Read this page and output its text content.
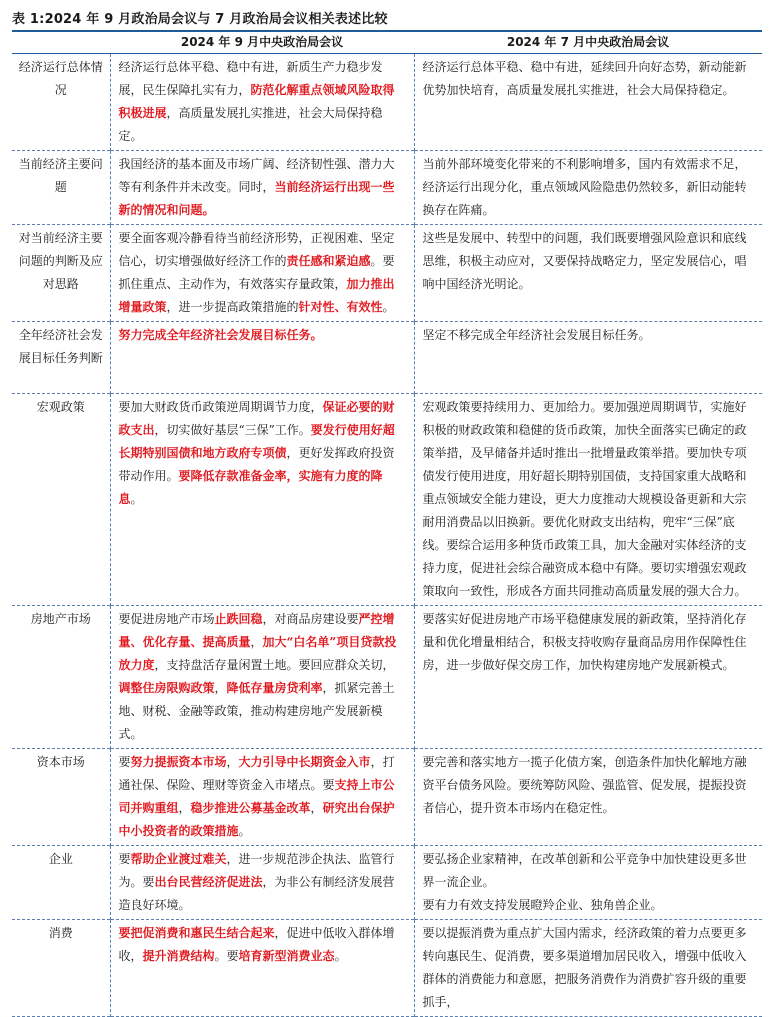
表 1:2024 年 9 月政治局会议与 7 月政治局会议相关表述比较
	2024 年 9 月中央政治局会议	2024 年 7 月中央政治局会议
经济运行总体情况	经济运行总体平稳、稳中有进，新质生产力稳步发展，民生保障扎实有力，防范化解重点领域风险取得积极进展，高质量发展扎实推进，社会大局保持稳定。	经济运行总体平稳、稳中有进，延续回升向好态势，新动能新优势加快培育，高质量发展扎实推进，社会大局保持稳定。

当前经济主要问题	我国经济的基本面及市场广阔、经济韧性强、潜力大等有利条件并未改变。同时，当前经济运行出现一些新的情况和问题。	当前外部环境变化带来的不利影响增多，国内有效需求不足，经济运行出现分化，重点领域风险隐患仍然较多，新旧动能转换存在阵痛。

对当前经济主要问题的判断及应对思路	要全面客观冷静看待当前经济形势，正视困难、坚定信心，切实增强做好经济工作的责任感和紧迫感。要抓住重点、主动作为，有效落实存量政策，加力推出增量政策，进一步提高政策措施的针对性、有效性。	这些是发展中、转型中的问题，我们既要增强风险意识和底线思维，积极主动应对，又要保持战略定力，坚定发展信心，唱响中国经济光明论。

全年经济社会发展目标任务判断	努力完成全年经济社会发展目标任务。	坚定不移完成全年经济社会发展目标任务。

宏观政策	要加大财政货币政策逆周期调节力度，保证必要的财政支出，切实做好基层“三保”工作。要发行使用好超长期特别国债和地方政府专项债，更好发挥政府投资带动作用。要降低存款准备金率，实施有力度的降息。	宏观政策要持续用力、更加给力。要加强逆周期调节，实施好积极的财政政策和稳健的货币政策，加快全面落实已确定的政策举措，及早储备并适时推出一批增量政策举措。要加快专项债发行使用进度，用好超长期特别国债，支持国家重大战略和重点领域安全能力建设，更大力度推动大规模设备更新和大宗耐用消费品以旧换新。要优化财政支出结构，兜牢“三保”底线。要综合运用多种货币政策工具，加大金融对实体经济的支持力度，促进社会综合融资成本稳中有降。要切实增强宏观政策取向一致性，形成各方面共同推动高质量发展的强大合力。

房地产市场	要促进房地产市场止跌回稳，对商品房建设要严控增量、优化存量、提高质量，加大“白名单”项目贷款投放力度，支持盘活存量闲置土地。要回应群众关切，调整住房限购政策，降低存量房贷利率，抓紧完善土地、财税、金融等政策，推动构建房地产发展新模式。	要落实好促进房地产市场平稳健康发展的新政策，坚持消化存量和优化增量相结合，积极支持收购存量商品房用作保障性住房，进一步做好保交房工作，加快构建房地产发展新模式。

资本市场	要努力提振资本市场，大力引导中长期资金入市，打通社保、保险、理财等资金入市堵点。要支持上市公司并购重组，稳步推进公募基金改革，研究出台保护中小投资者的政策措施。	要完善和落实地方一揽子化债方案，创造条件加快化解地方融资平台债务风险。要统筹防风险、强监管、促发展，提振投资者信心，提升资本市场内在稳定性。

企业	要帮助企业渡过难关，进一步规范涉企执法、监管行为。要出台民营经济促进法，为非公有制经济发展营造良好环境。	要弘扬企业家精神，在改革创新和公平竞争中加快建设更多世界一流企业。
要有力有效支持发展瞪羚企业、独角兽企业。

消费	要把促消费和惠民生结合起来，促进中低收入群体增收，提升消费结构。要培育新型消费业态。	要以提振消费为重点扩大国内需求，经济政策的着力点要更多转向惠民生、促消费，要多渠道增加居民收入，增强中低收入群体的消费能力和意愿，把服务消费作为消费扩容升级的重要抓手，
